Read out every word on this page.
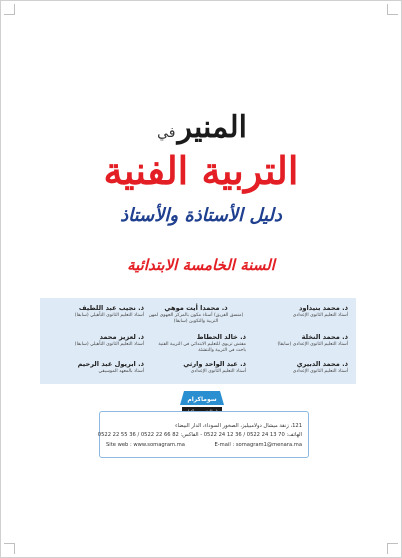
المنيرفي
التربية الفنية
دليل الأستاذة والأستاذ
السنة الخامسة الابتدائية
ذ. محمد بنيداود
أستاذ التعليم الثانوي الإعدادي
ذ. محمدا أيت موهي
(منسق الفريق) أستاذ مكون بالمركز الجهوي لمهن التربية والتكوين (سابقا)
ذ. نجيب عبد اللطيف
أستاذ التعليم الثانوي التأهيلي (سابقا)
ذ. محمد النخلة
أستاذ التعليم الثانوي الإعدادي (سابقا)
ذ. خالد الحطاط
مفتش تربوي للتعليم الابتدائي في التربية الفنية باحث في التربية والتنشئة
ذ. لعزيز محمد
أستاذ التعليم الثانوي التأهيلي (سابقا)
ذ. محمد الدبيري
أستاذ التعليم الثانوي الإعدادي
ذ. عبد الواحد وارثي
أستاذ التعليم الثانوي الإعدادي
ذ. ابريول عبد الرحيم
أستاذ بالمعهد الموسيقي
سوماكرام
121، زنقة ميشال دولامبيليز، الصخور السوداء، الدار البيضاء
الهاتف: 70 13 24 0522 / 36 12 24 0522 - الفاكس: 82 66 22 0522 / 36 55 22 0522
Site web : www.somagram.ma	E-mail : somagram1@menara.ma
